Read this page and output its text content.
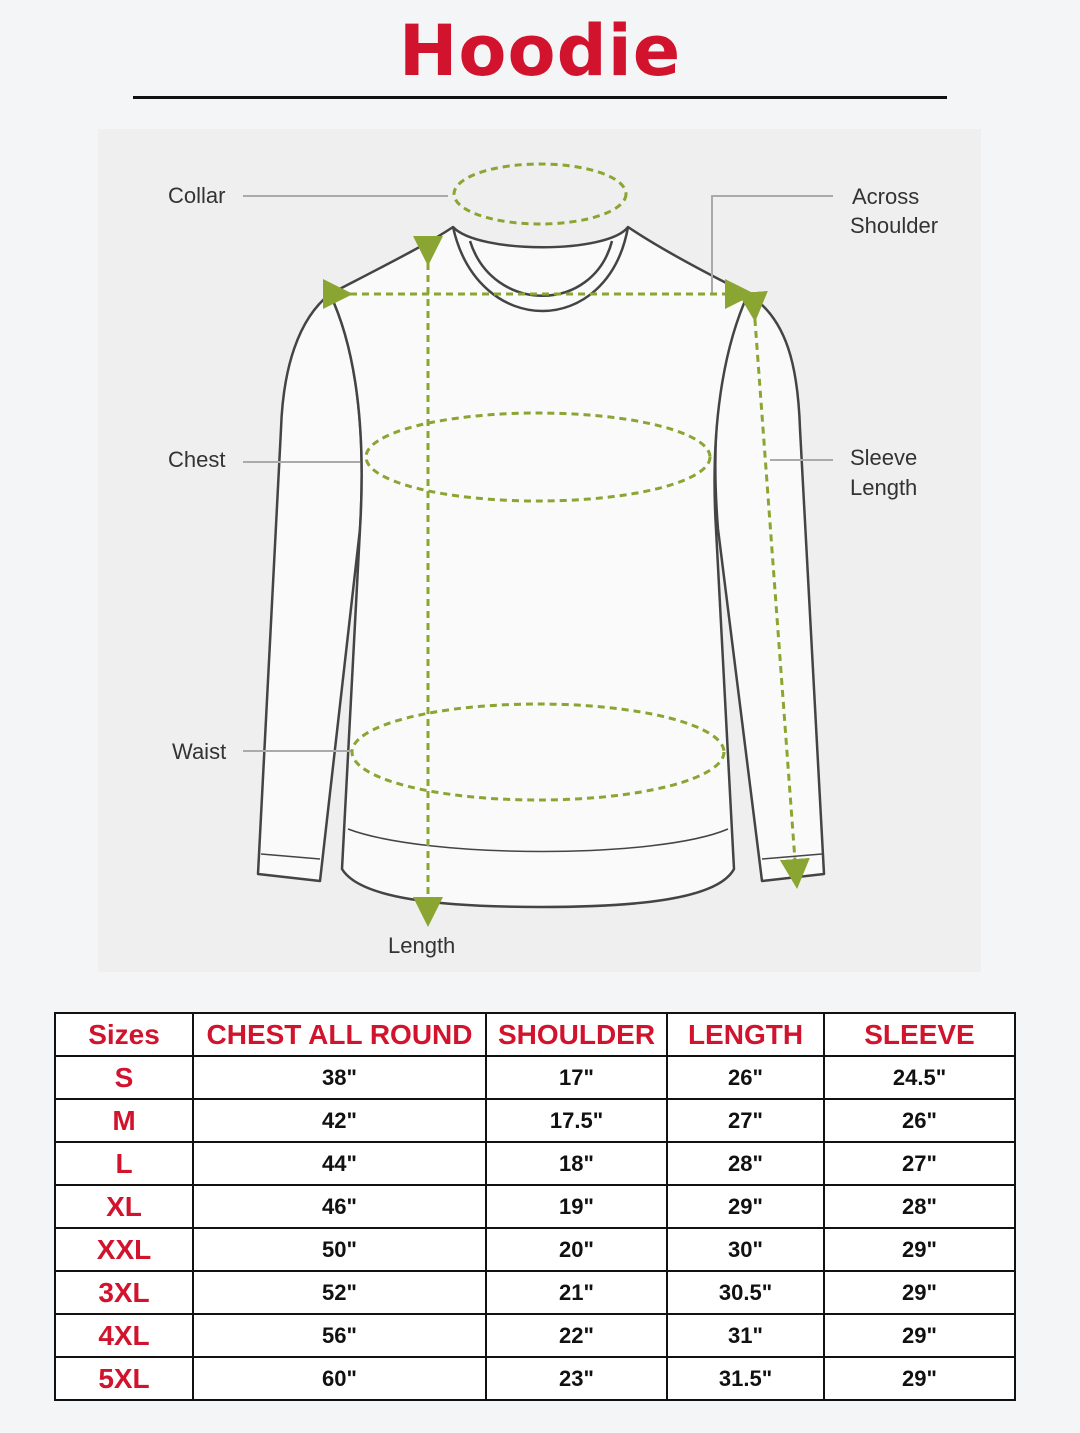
Hoodie
Collar	Across
Shoulder
Chest	Sleeve
Length
Waist
Length
Sizes	CHEST ALL ROUND	SHOULDER	LENGTH	SLEEVE
S	38"	17"	26"	24.5"
M	42"	17.5"	27"	26"
L	44"	18"	28"	27"
XL	46"	19"	29"	28"
XXL	50"	20"	30"	29"
3XL	52"	21"	30.5"	29"
4XL	56"	22"	31"	29"
5XL	60"	23"	31.5"	29"
